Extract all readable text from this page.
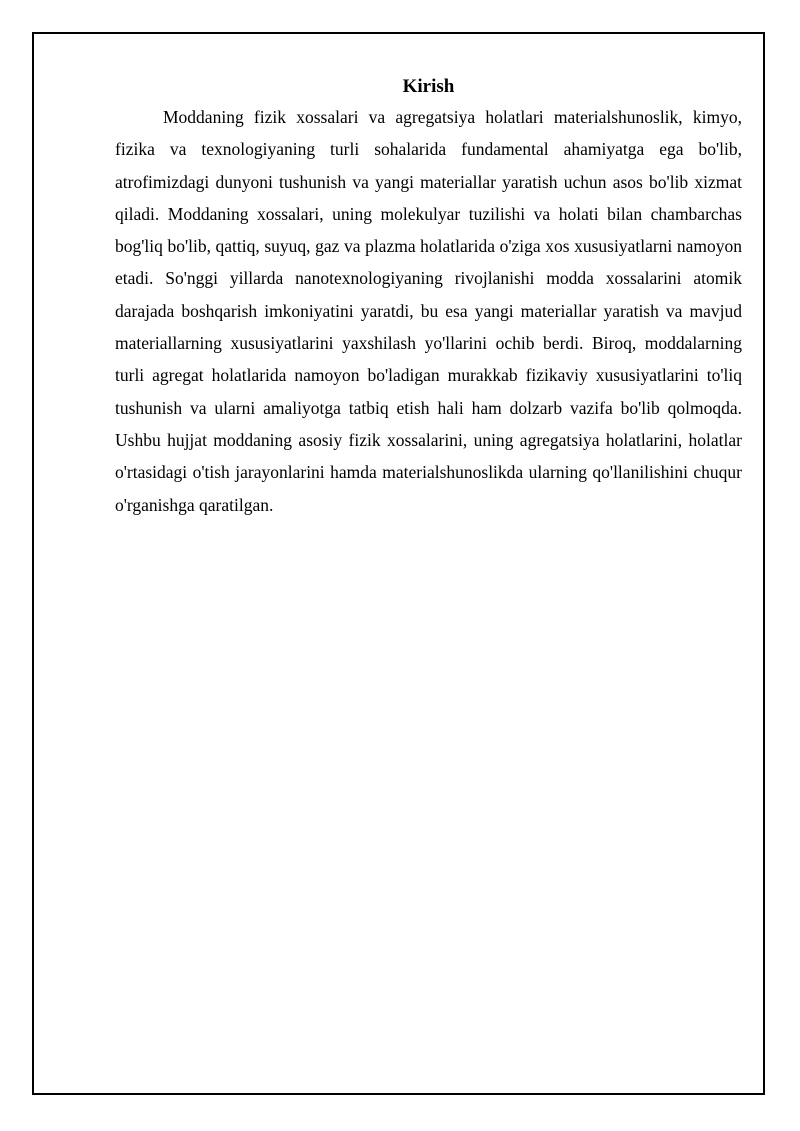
Kirish

Moddaning fizik xossalari va agregatsiya holatlari materialshunoslik, kimyo, fizika va texnologiyaning turli sohalarida fundamental ahamiyatga ega bo'lib, atrofimizdagi dunyoni tushunish va yangi materiallar yaratish uchun asos bo'lib xizmat qiladi. Moddaning xossalari, uning molekulyar tuzilishi va holati bilan chambarchas bog'liq bo'lib, qattiq, suyuq, gaz va plazma holatlarida o'ziga xos xususiyatlarni namoyon etadi. So'nggi yillarda nanotexnologiyaning rivojlanishi modda xossalarini atomik darajada boshqarish imkoniyatini yaratdi, bu esa yangi materiallar yaratish va mavjud materiallarning xususiyatlarini yaxshilash yo'llarini ochib berdi. Biroq, moddalarning turli agregat holatlarida namoyon bo'ladigan murakkab fizikaviy xususiyatlarini to'liq tushunish va ularni amaliyotga tatbiq etish hali ham dolzarb vazifa bo'lib qolmoqda. Ushbu hujjat moddaning asosiy fizik xossalarini, uning agregatsiya holatlarini, holatlar o'rtasidagi o'tish jarayonlarini hamda materialshunoslikda ularning qo'llanilishini chuqur o'rganishga qaratilgan.
